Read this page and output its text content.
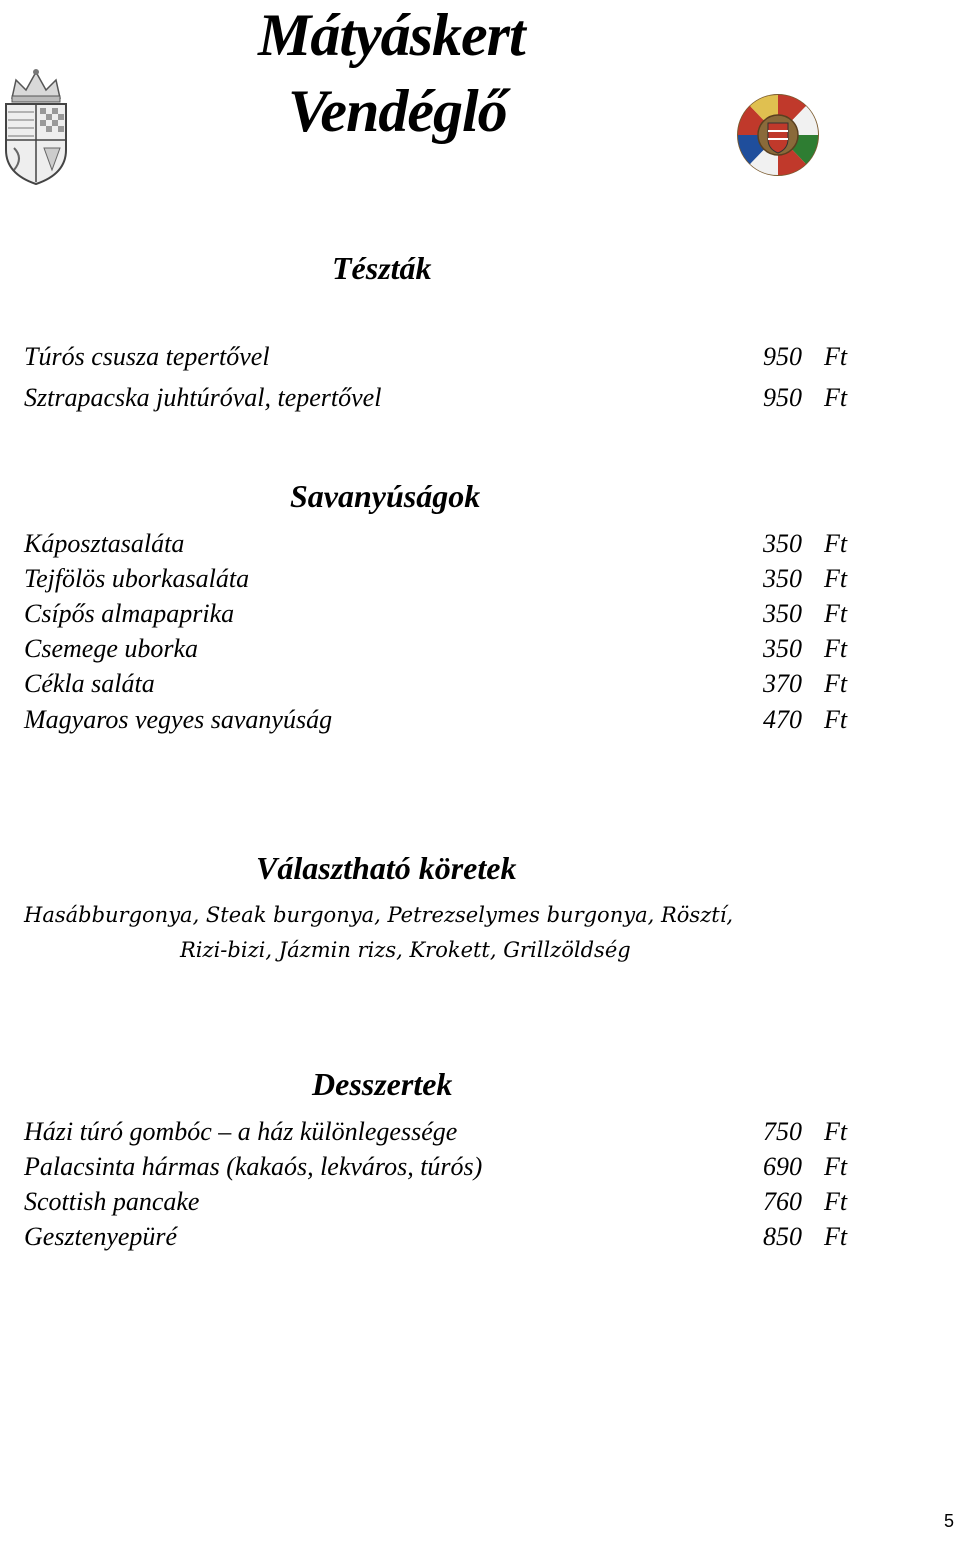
Mátyáskert
Vendéglő
Tészták
Túrós csusza tepertővel	950 Ft
Sztrapacska juhtúróval, tepertővel	950 Ft
Savanyúságok
Káposztasaláta	350 Ft
Tejfölös uborkasaláta	350 Ft
Csípős almapaprika	350 Ft
Csemege uborka	350 Ft
Cékla saláta	370 Ft
Magyaros vegyes savanyúság	470 Ft
Választható köretek
Hasábburgonya, Steak burgonya, Petrezselymes burgonya, Rösztí,
Rizi-bizi, Jázmin rizs, Krokett, Grillzöldség
Desszertek
Házi túró gombóc – a ház különlegessége	750 Ft
Palacsinta hármas (kakaós, lekváros, túrós)	690 Ft
Scottish pancake	760 Ft
Gesztenyepüré	850 Ft
5
